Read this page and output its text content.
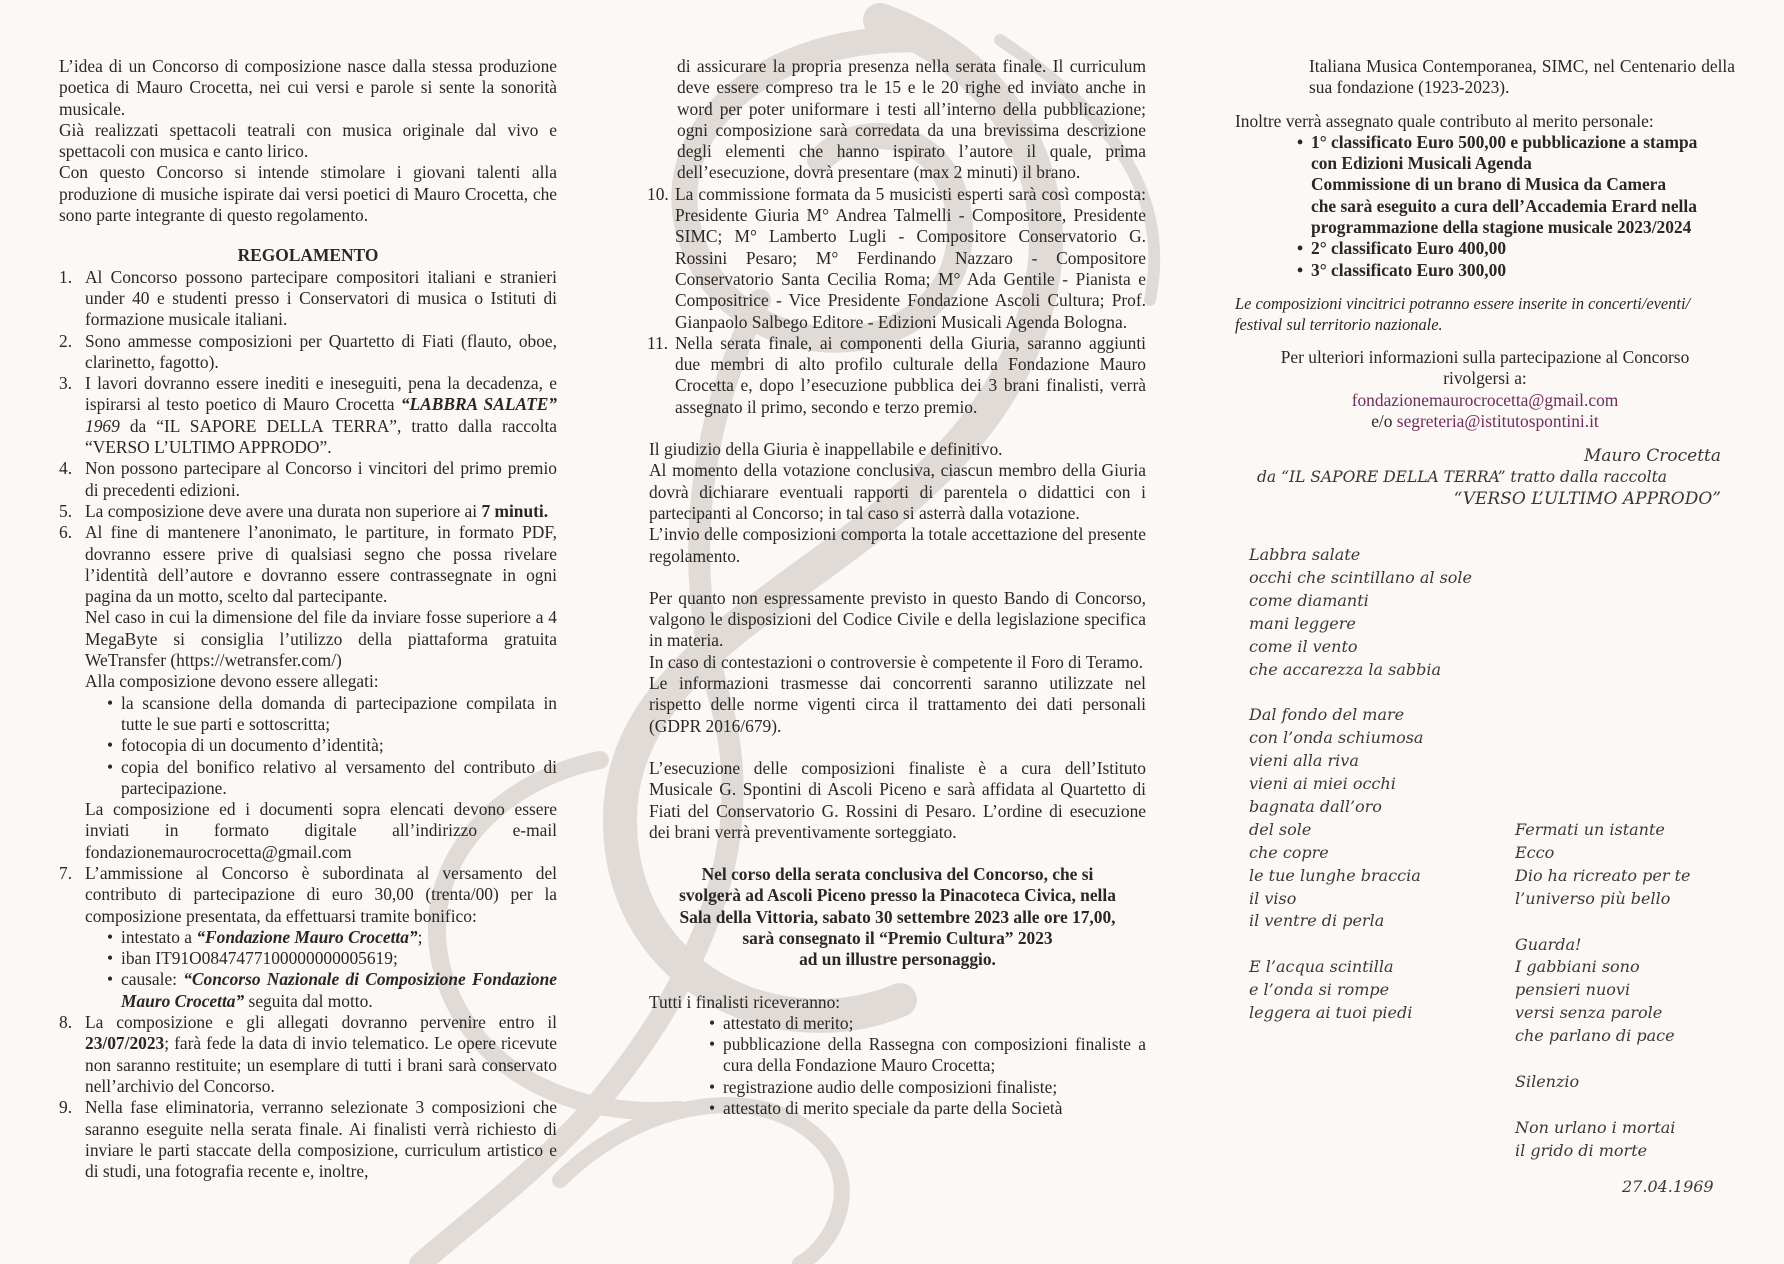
L’idea di un Concorso di composizione nasce dalla stessa produzione poetica di Mauro Crocetta, nei cui versi e parole si sente la sonorità musicale.

Già realizzati spettacoli teatrali con musica originale dal vivo e spettacoli con musica e canto lirico.

Con questo Concorso si intende stimolare i giovani talenti alla produzione di musiche ispirate dai versi poetici di Mauro Crocetta, che sono parte integrante di questo regolamento.

REGOLAMENTO

1. Al Concorso possono partecipare compositori italiani e stranieri under 40 e studenti presso i Conservatori di musica o Istituti di formazione musicale italiani.
2. Sono ammesse composizioni per Quartetto di Fiati (flauto, oboe, clarinetto, fagotto).
3. I lavori dovranno essere inediti e ineseguiti, pena la decadenza, e ispirarsi al testo poetico di Mauro Crocetta “LABBRA SALATE” 1969 da “IL SAPORE DELLA TERRA”, tratto dalla raccolta “VERSO L’ULTIMO APPRODO”.
4. Non possono partecipare al Concorso i vincitori del primo premio di precedenti edizioni.
5. La composizione deve avere una durata non superiore ai 7 minuti.
6. Al fine di mantenere l’anonimato, le partiture, in formato PDF, dovranno essere prive di qualsiasi segno che possa rivelare l’identità dell’autore e dovranno essere contrassegnate in ogni pagina da un motto, scelto dal partecipante.

Nel caso in cui la dimensione del file da inviare fosse superiore a 4 MegaByte si consiglia l’utilizzo della piattaforma gratuita WeTransfer (https://wetransfer.com/)

Alla composizione devono essere allegati:

• la scansione della domanda di partecipazione compilata in tutte le sue parti e sottoscritta;
• fotocopia di un documento d’identità;
• copia del bonifico relativo al versamento del contributo di partecipazione.

La composizione ed i documenti sopra elencati devono essere inviati in formato digitale all’indirizzo e-mail fondazionemaurocrocetta@gmail.com

7. L’ammissione al Concorso è subordinata al versamento del contributo di partecipazione di euro 30,00 (trenta/00) per la composizione presentata, da effettuarsi tramite bonifico:
• intestato a “Fondazione Mauro Crocetta”;
• iban IT91O0847477100000000005619;
• causale: “Concorso Nazionale di Composizione Fondazione Mauro Crocetta” seguita dal motto.
8. La composizione e gli allegati dovranno pervenire entro il 23/07/2023; farà fede la data di invio telematico. Le opere ricevute non saranno restituite; un esemplare di tutti i brani sarà conservato nell’archivio del Concorso.
9. Nella fase eliminatoria, verranno selezionate 3 composizioni che saranno eseguite nella serata finale. Ai finalisti verrà richiesto di inviare le parti staccate della composizione, curriculum artistico e di studi, una fotografia recente e, inoltre,

di assicurare la propria presenza nella serata finale. Il curriculum deve essere compreso tra le 15 e le 20 righe ed inviato anche in word per poter uniformare i testi all’interno della pubblicazione; ogni composizione sarà corredata da una brevissima descrizione degli elementi che hanno ispirato l’autore il quale, prima dell’esecuzione, dovrà presentare (max 2 minuti) il brano.

10. La commissione formata da 5 musicisti esperti sarà così composta: Presidente Giuria M° Andrea Talmelli - Compositore, Presidente SIMC; M° Lamberto Lugli - Compositore Conservatorio G. Rossini Pesaro; M° Ferdinando Nazzaro - Compositore Conservatorio Santa Cecilia Roma; M° Ada Gentile - Pianista e Compositrice - Vice Presidente Fondazione Ascoli Cultura; Prof. Gianpaolo Salbego Editore - Edizioni Musicali Agenda Bologna.
11. Nella serata finale, ai componenti della Giuria, saranno aggiunti due membri di alto profilo culturale della Fondazione Mauro Crocetta e, dopo l’esecuzione pubblica dei 3 brani finalisti, verrà assegnato il primo, secondo e terzo premio.

Il giudizio della Giuria è inappellabile e definitivo.

Al momento della votazione conclusiva, ciascun membro della Giuria dovrà dichiarare eventuali rapporti di parentela o didattici con i partecipanti al Concorso; in tal caso si asterrà dalla votazione.

L’invio delle composizioni comporta la totale accettazione del presente regolamento.

Per quanto non espressamente previsto in questo Bando di Concorso, valgono le disposizioni del Codice Civile e della legislazione specifica in materia.

In caso di contestazioni o controversie è competente il Foro di Teramo.

Le informazioni trasmesse dai concorrenti saranno utilizzate nel rispetto delle norme vigenti circa il trattamento dei dati personali (GDPR 2016/679).

L’esecuzione delle composizioni finaliste è a cura dell’Istituto Musicale G. Spontini di Ascoli Piceno e sarà affidata al Quartetto di Fiati del Conservatorio G. Rossini di Pesaro. L’ordine di esecuzione dei brani verrà preventivamente sorteggiato.

Nel corso della serata conclusiva del Concorso, che si

svolgerà ad Ascoli Piceno presso la Pinacoteca Civica, nella

Sala della Vittoria, sabato 30 settembre 2023 alle ore 17,00,

sarà consegnato il “Premio Cultura” 2023

ad un illustre personaggio.

Tutti i finalisti riceveranno:

• attestato di merito;
• pubblicazione della Rassegna con composizioni finaliste a cura della Fondazione Mauro Crocetta;
• registrazione audio delle composizioni finaliste;
• attestato di merito speciale da parte della Società

Italiana Musica Contemporanea, SIMC, nel Centenario della sua fondazione (1923-2023).

Inoltre verrà assegnato quale contributo al merito personale:

• 1° classificato Euro 500,00 e pubblicazione a stampa
con Edizioni Musicali Agenda
Commissione di un brano di Musica da Camera
che sarà eseguito a cura dell’Accademia Erard nella
programmazione della stagione musicale 2023/2024
• 2° classificato Euro 400,00
• 3° classificato Euro 300,00

Le composizioni vincitrici potranno essere inserite in concerti/eventi/ festival sul territorio nazionale.

Per ulteriori informazioni sulla partecipazione al Concorso

rivolgersi a:

fondazionemaurocrocetta@gmail.com

e/o segreteria@istitutospontini.it

Mauro Crocetta

da “IL SAPORE DELLA TERRA” tratto dalla raccolta

“VERSO L’ULTIMO APPRODO”

Labbra salate
occhi che scintillano al sole
come diamanti
mani leggere
come il vento
che accarezza la sabbia
Dal fondo del mare
con l’onda schiumosa
vieni alla riva
vieni ai miei occhi
bagnata dall’oro
del sole
che copre
le tue lunghe braccia
il viso
il ventre di perla
E l’acqua scintilla
e l’onda si rompe
leggera ai tuoi piedi
Fermati un istante
Ecco
Dio ha ricreato per te
l’universo più bello
Guarda!
I gabbiani sono
pensieri nuovi
versi senza parole
che parlano di pace
Silenzio
Non urlano i mortai
il grido di morte
27.04.1969
